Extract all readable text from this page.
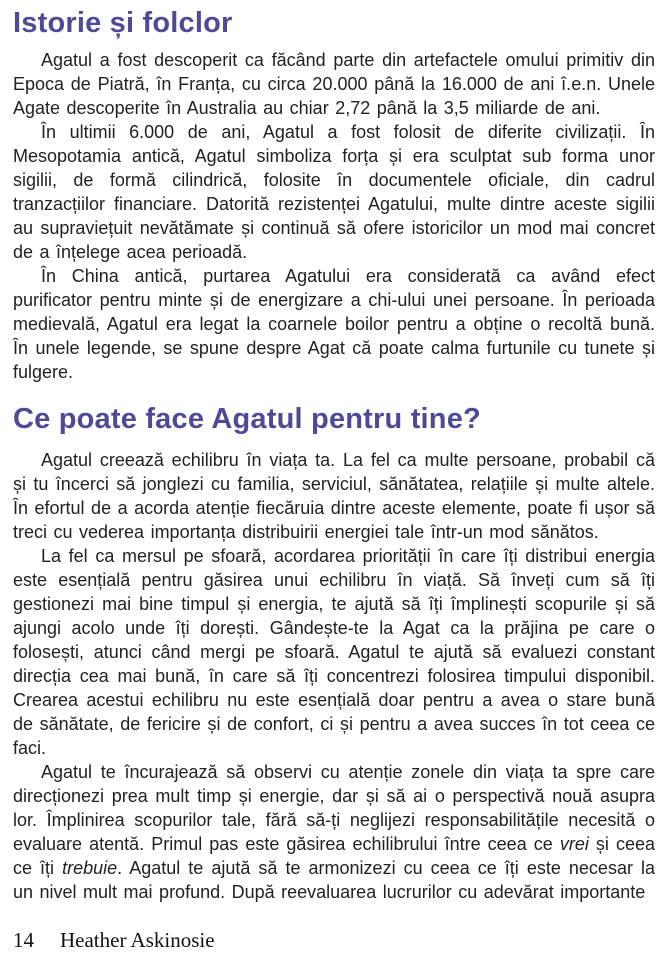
Istorie și folclor

Agatul a fost descoperit ca făcând parte din artefactele omului primitiv din Epoca de Piatră, în Franța, cu circa 20.000 până la 16.000 de ani î.e.n. Unele Agate descoperite în Australia au chiar 2,72 până la 3,5 miliarde de ani.

În ultimii 6.000 de ani, Agatul a fost folosit de diferite civilizații. În Mesopotamia antică, Agatul simboliza forța și era sculptat sub forma unor sigilii, de formă cilindrică, folosite în documentele oficiale, din cadrul tranzacțiilor financiare. Datorită rezistenței Agatului, multe dintre aceste sigilii au supraviețuit nevătămate și continuă să ofere istoricilor un mod mai concret de a înțelege acea perioadă.

În China antică, purtarea Agatului era considerată ca având efect purificator pentru minte și de energizare a chi-ului unei persoane. În perioada medievală, Agatul era legat la coarnele boilor pentru a obține o recoltă bună. În unele legende, se spune despre Agat că poate calma furtunile cu tunete și fulgere.

Ce poate face Agatul pentru tine?

Agatul creează echilibru în viața ta. La fel ca multe persoane, probabil că și tu încerci să jonglezi cu familia, serviciul, sănătatea, relațiile și multe altele. În efortul de a acorda atenție fiecăruia dintre aceste elemente, poate fi ușor să treci cu vederea importanța distribuirii energiei tale într-un mod sănătos.

La fel ca mersul pe sfoară, acordarea priorității în care îți distribui energia este esențială pentru găsirea unui echilibru în viață. Să înveți cum să îți gestionezi mai bine timpul și energia, te ajută să îți împlinești scopurile și să ajungi acolo unde îți dorești. Gândește-te la Agat ca la prăjina pe care o folosești, atunci când mergi pe sfoară. Agatul te ajută să evaluezi constant direcția cea mai bună, în care să îți concentrezi folosirea timpului disponibil. Crearea acestui echilibru nu este esențială doar pentru a avea o stare bună de sănătate, de fericire și de confort, ci și pentru a avea succes în tot ceea ce faci.

Agatul te încurajează să observi cu atenție zonele din viața ta spre care direcționezi prea mult timp și energie, dar și să ai o perspectivă nouă asupra lor. Împlinirea scopurilor tale, fără să-ți neglijezi responsabilitățile necesită o evaluare atentă. Primul pas este găsirea echilibrului între ceea ce vrei și ceea ce îți trebuie. Agatul te ajută să te armonizezi cu ceea ce îți este necesar la un nivel mult mai profund. După reevaluarea lucrurilor cu adevărat importante

14 Heather Askinosie
